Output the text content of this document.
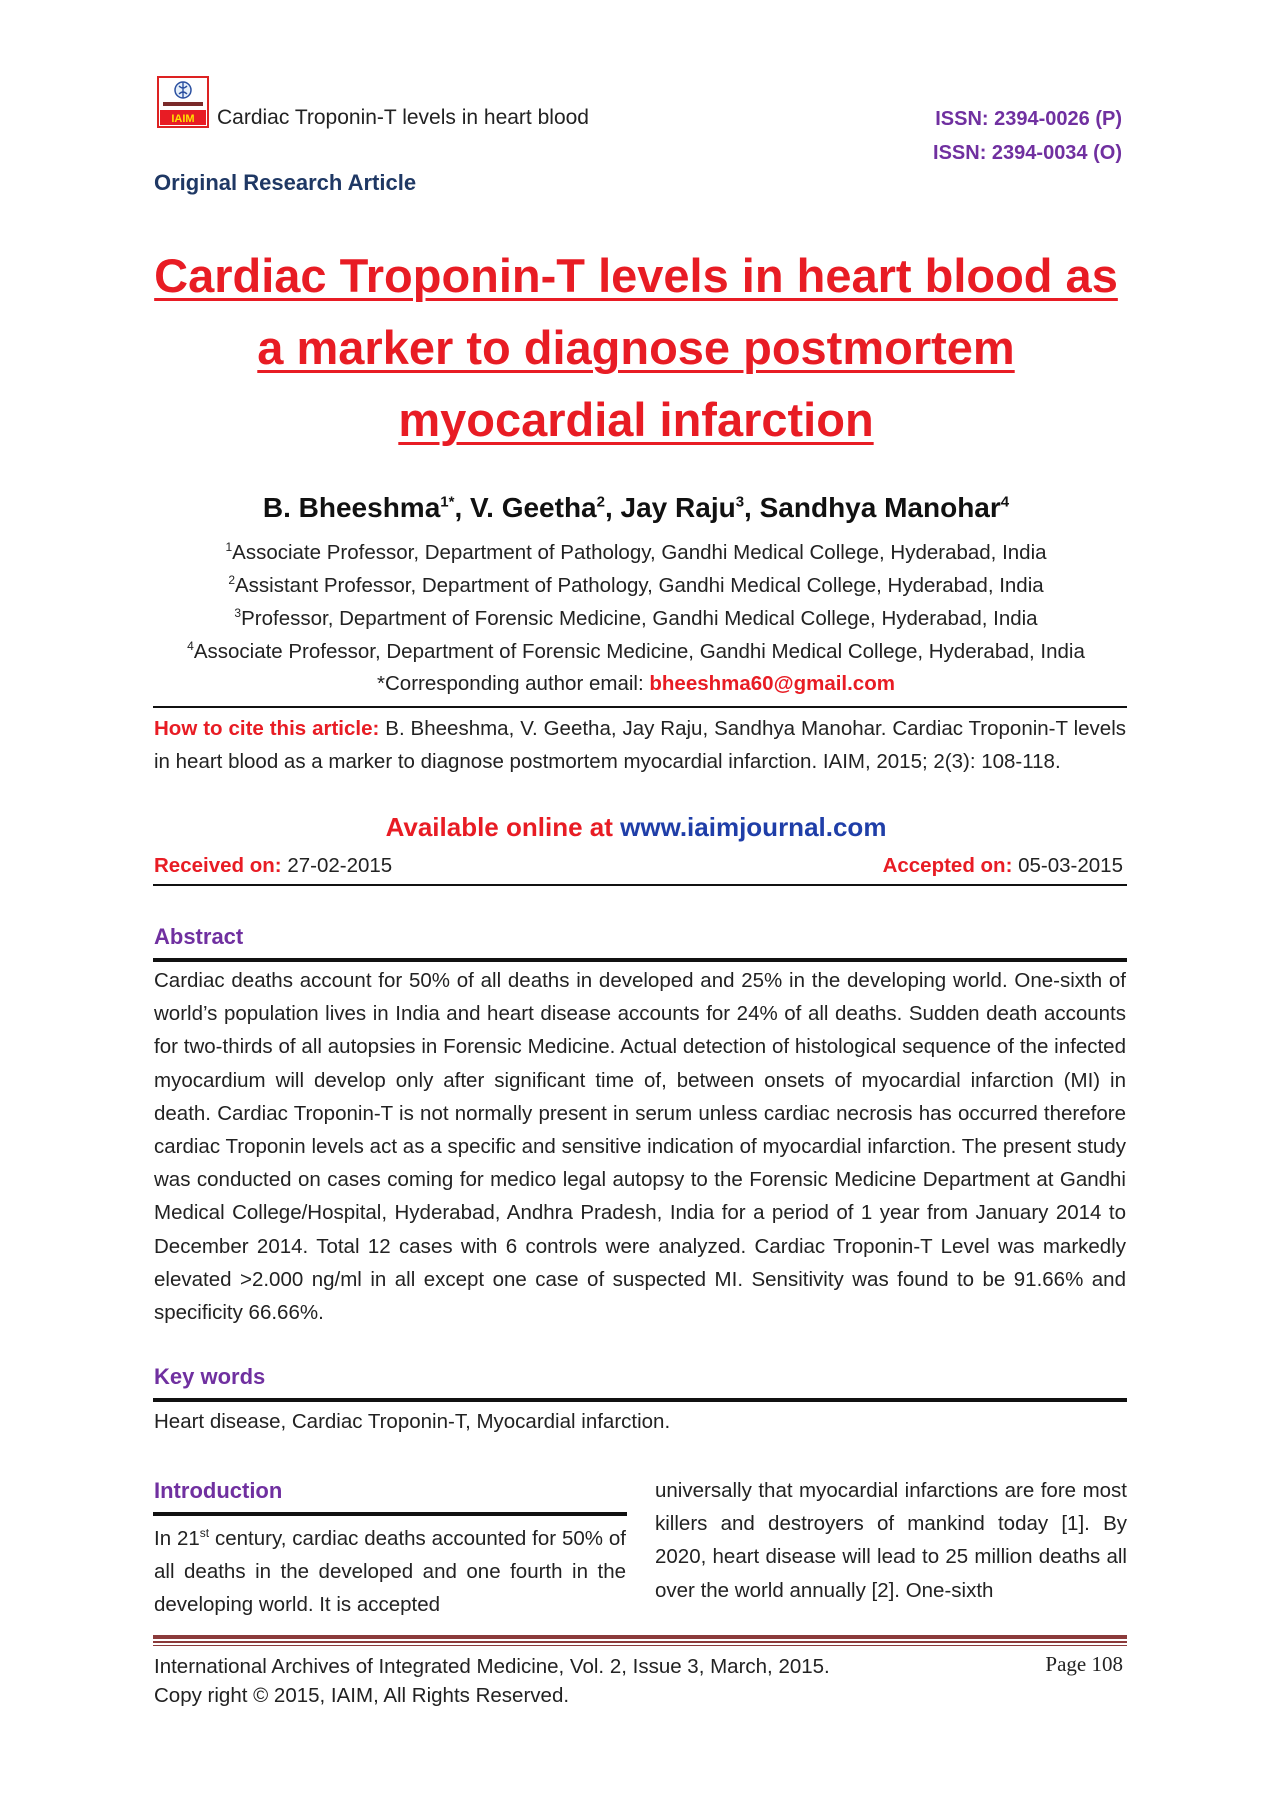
IAIM Cardiac Troponin-T levels in heart blood	ISSN: 2394-0026 (P)
ISSN: 2394-0034 (O)
Original Research Article
Cardiac Troponin-T levels in heart blood as a marker to diagnose postmortem myocardial infarction
B. Bheeshma$^{1*}$, V. Geetha$^2$, Jay Raju$^3$, Sandhya Manohar$^4$
$^1$Associate Professor, Department of Pathology, Gandhi Medical College, Hyderabad, India
$^2$Assistant Professor, Department of Pathology, Gandhi Medical College, Hyderabad, India
$^3$Professor, Department of Forensic Medicine, Gandhi Medical College, Hyderabad, India
$^4$Associate Professor, Department of Forensic Medicine, Gandhi Medical College, Hyderabad, India
*Corresponding author email: bheeshma60@gmail.com
How to cite this article: B. Bheeshma, V. Geetha, Jay Raju, Sandhya Manohar. Cardiac Troponin-T levels in heart blood as a marker to diagnose postmortem myocardial infarction. IAIM, 2015; 2(3): 108-118.
Available online at www.iaimjournal.com
Received on: 27-02-2015	Accepted on: 05-03-2015
Abstract
Cardiac deaths account for 50% of all deaths in developed and 25% in the developing world. One-sixth of world’s population lives in India and heart disease accounts for 24% of all deaths. Sudden death accounts for two-thirds of all autopsies in Forensic Medicine. Actual detection of histological sequence of the infected myocardium will develop only after significant time of, between onsets of myocardial infarction (MI) in death. Cardiac Troponin-T is not normally present in serum unless cardiac necrosis has occurred therefore cardiac Troponin levels act as a specific and sensitive indication of myocardial infarction. The present study was conducted on cases coming for medico legal autopsy to the Forensic Medicine Department at Gandhi Medical College/Hospital, Hyderabad, Andhra Pradesh, India for a period of 1 year from January 2014 to December 2014. Total 12 cases with 6 controls were analyzed. Cardiac Troponin-T Level was markedly elevated >2.000 ng/ml in all except one case of suspected MI. Sensitivity was found to be 91.66% and specificity 66.66%.
Key words
Heart disease, Cardiac Troponin-T, Myocardial infarction.
Introduction
In 21st century, cardiac deaths accounted for 50% of all deaths in the developed and one fourth in the developing world. It is accepted
universally that myocardial infarctions are fore most killers and destroyers of mankind today [1]. By 2020, heart disease will lead to 25 million deaths all over the world annually [2]. One-sixth
International Archives of Integrated Medicine, Vol. 2, Issue 3, March, 2015.
Copy right © 2015, IAIM, All Rights Reserved.
Page 108
